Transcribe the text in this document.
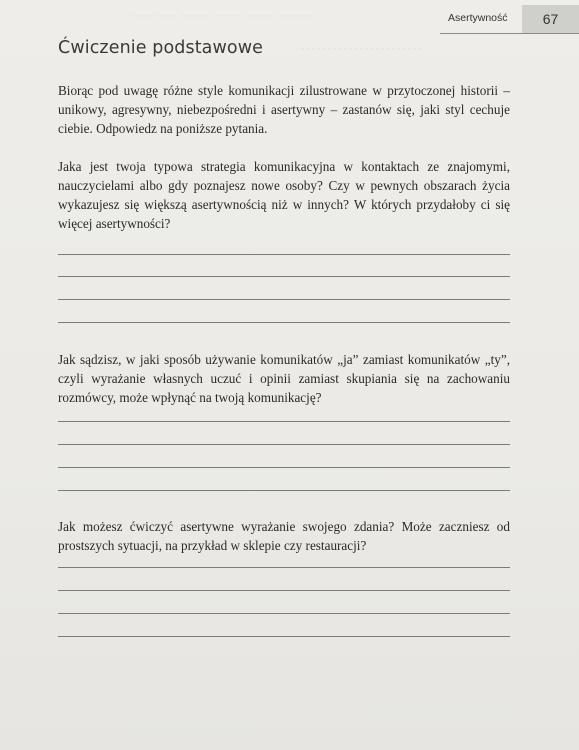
········ ······· ······· ········ ···· ·······
·······················
Asertywność	67
Ćwiczenie podstawowe
Biorąc pod uwagę różne style komunikacji zilustrowane w przytoczonej historii – unikowy, agresywny, niebezpośredni i asertywny – zastanów się, jaki styl cechuje ciebie. Odpowiedz na poniższe pytania.
Jaka jest twoja typowa strategia komunikacyjna w kontaktach ze znajomymi, nauczycielami albo gdy poznajesz nowe osoby? Czy w pewnych obszarach życia wykazujesz się większą asertywnością niż w innych? W których przydałoby ci się więcej asertywności?
Jak sądzisz, w jaki sposób używanie komunikatów „ja” zamiast komunikatów „ty”, czyli wyrażanie własnych uczuć i opinii zamiast skupiania się na zachowaniu rozmówcy, może wpłynąć na twoją komunikację?
Jak możesz ćwiczyć asertywne wyrażanie swojego zdania? Może zaczniesz od prostszych sytuacji, na przykład w sklepie czy restauracji?
